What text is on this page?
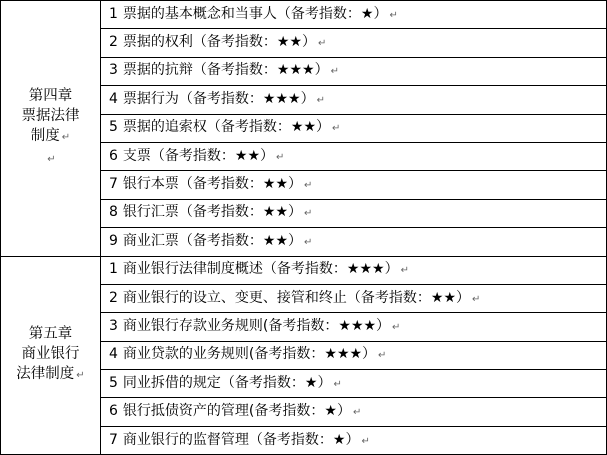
第四章
票据法律
制度 ↵
↵	1 票据的基本概念和当事人（备考指数：★） ↵
	2 票据的权利（备考指数：★★） ↵
	3 票据的抗辩（备考指数：★★★） ↵
	4 票据行为（备考指数：★★★） ↵
	5 票据的追索权（备考指数：★★） ↵
	6 支票（备考指数：★★） ↵
	7 银行本票（备考指数：★★） ↵
	8 银行汇票（备考指数：★★） ↵
	9 商业汇票（备考指数：★★） ↵

第五章
商业银行
法律制度 ↵	1 商业银行法律制度概述（备考指数：★★★） ↵
	2 商业银行的设立、变更、接管和终止（备考指数：★★） ↵
	3 商业银行存款业务规则(备考指数：★★★） ↵
	4 商业贷款的业务规则(备考指数：★★★） ↵
	5 同业拆借的规定（备考指数：★） ↵
	6 银行抵债资产的管理(备考指数：★） ↵
	7 商业银行的监督管理（备考指数：★） ↵
